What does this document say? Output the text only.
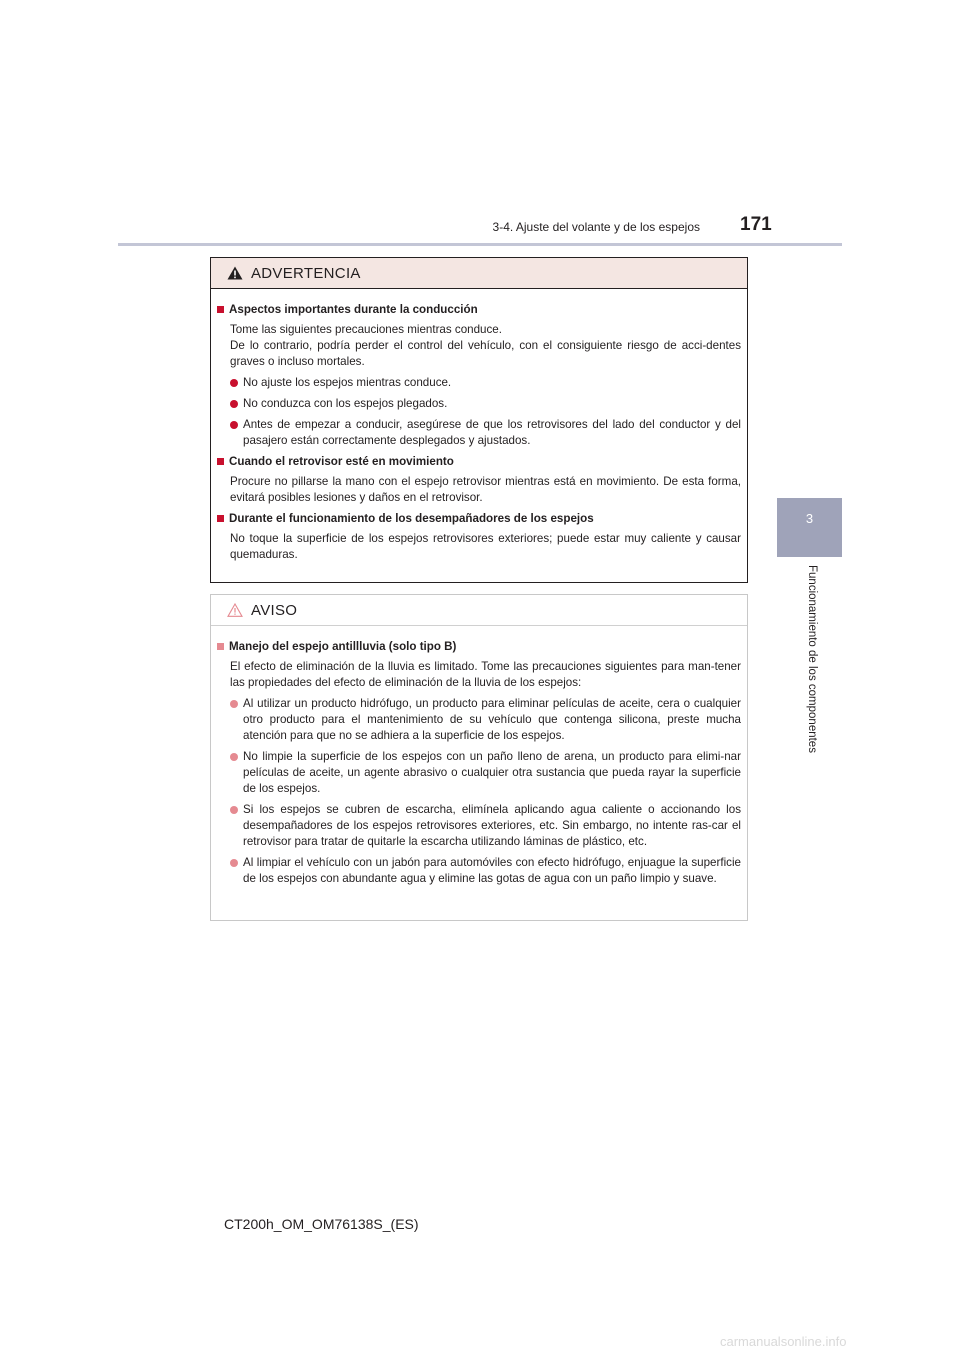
3-4. Ajuste del volante y de los espejos 171
3
Funcionamiento de los componentes
ADVERTENCIA
Aspectos importantes durante la conducción
Tome las siguientes precauciones mientras conduce.
De lo contrario, podría perder el control del vehículo, con el consiguiente riesgo de acci-dentes graves o incluso mortales.
No ajuste los espejos mientras conduce.
No conduzca con los espejos plegados.
Antes de empezar a conducir, asegúrese de que los retrovisores del lado del conductor y del pasajero están correctamente desplegados y ajustados.
Cuando el retrovisor esté en movimiento
Procure no pillarse la mano con el espejo retrovisor mientras está en movimiento. De esta forma, evitará posibles lesiones y daños en el retrovisor.
Durante el funcionamiento de los desempañadores de los espejos
No toque la superficie de los espejos retrovisores exteriores; puede estar muy caliente y causar quemaduras.
AVISO
Manejo del espejo antillluvia (solo tipo B)
El efecto de eliminación de la lluvia es limitado. Tome las precauciones siguientes para man-tener las propiedades del efecto de eliminación de la lluvia de los espejos:
Al utilizar un producto hidrófugo, un producto para eliminar películas de aceite, cera o cualquier otro producto para el mantenimiento de su vehículo que contenga silicona, preste mucha atención para que no se adhiera a la superficie de los espejos.
No limpie la superficie de los espejos con un paño lleno de arena, un producto para elimi-nar películas de aceite, un agente abrasivo o cualquier otra sustancia que pueda rayar la superficie de los espejos.
Si los espejos se cubren de escarcha, elimínela aplicando agua caliente o accionando los desempañadores de los espejos retrovisores exteriores, etc. Sin embargo, no intente ras-car el retrovisor para tratar de quitarle la escarcha utilizando láminas de plástico, etc.
Al limpiar el vehículo con un jabón para automóviles con efecto hidrófugo, enjuague la superficie de los espejos con abundante agua y elimine las gotas de agua con un paño limpio y suave.
CT200h_OM_OM76138S_(ES)
carmanualsonline.info
